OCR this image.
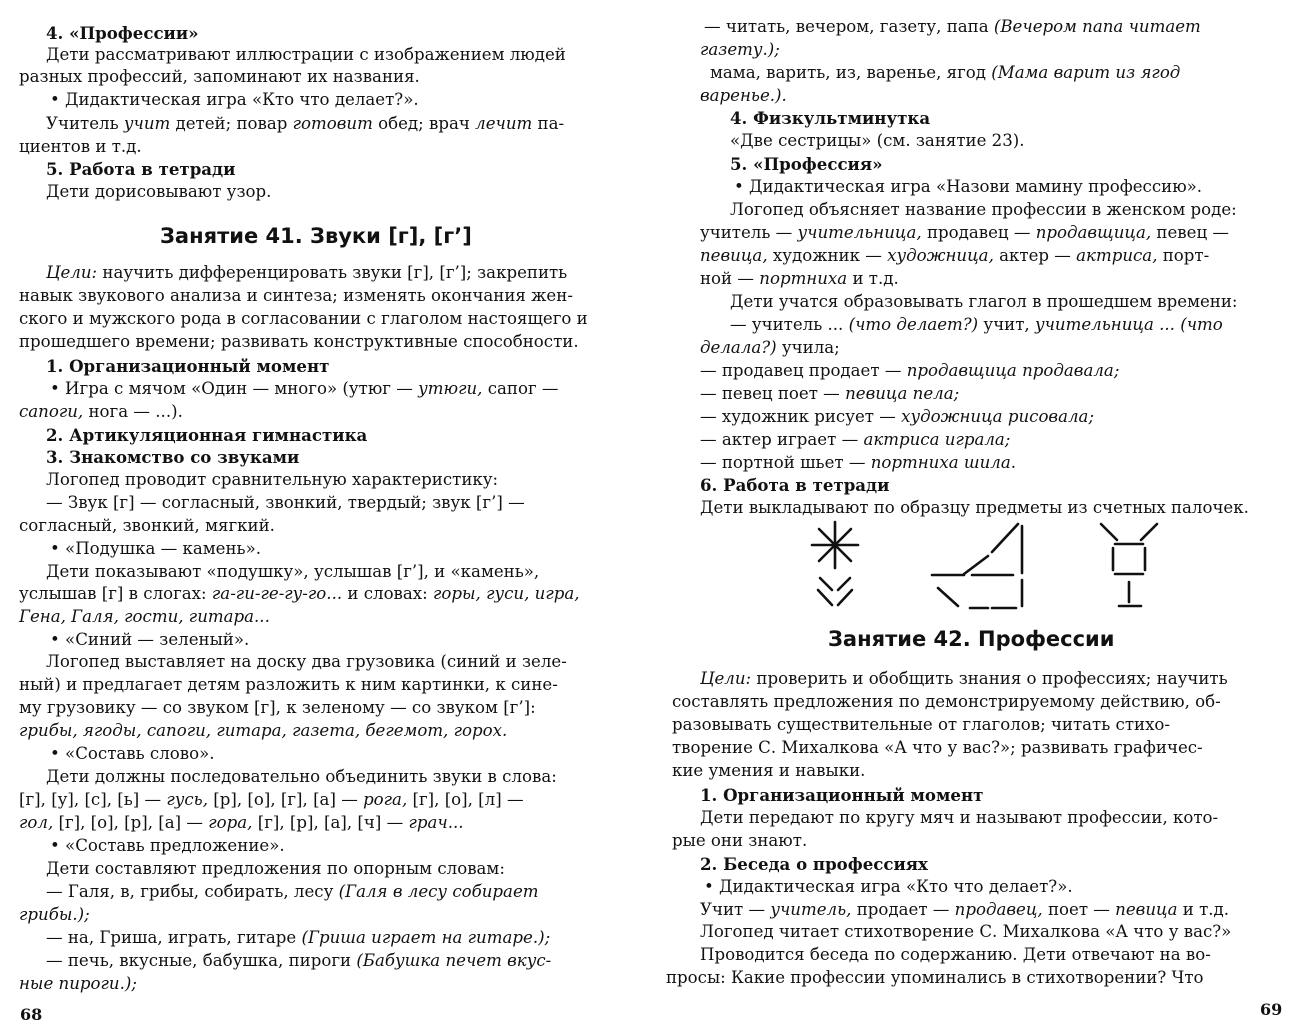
Занятие 41. Звуки [г], [г’]
4. «Профессии»
Дети рассматривают иллюстрации с изображением людей
разных профессий, запоминают их названия.
• Дидактическая игра «Кто что делает?».
Учитель учит детей; повар готовит обед; врач лечит па-
циентов и т.д.
5. Работа в тетради
Дети дорисовывают узор.
Цели: научить дифференцировать звуки [г], [г’]; закрепить
навык звукового анализа и синтеза; изменять окончания жен-
ского и мужского рода в согласовании с глаголом настоящего и
прошедшего времени; развивать конструктивные способности.
1. Организационный момент
• Игра с мячом «Один — много» (утюг — утюги, сапог —
сапоги, нога — ...).
2. Артикуляционная гимнастика
3. Знакомство со звуками
Логопед проводит сравнительную характеристику:
— Звук [г] — согласный, звонкий, твердый; звук [г’] —
согласный, звонкий, мягкий.
• «Подушка — камень».
Дети показывают «подушку», услышав [г’], и «камень»,
услышав [г] в слогах: га-ги-ге-гу-го... и словах: горы, гуси, игра,
Гена, Галя, гости, гитара...
• «Синий — зеленый».
Логопед выставляет на доску два грузовика (синий и зеле-
ный) и предлагает детям разложить к ним картинки, к сине-
му грузовику — со звуком [г], к зеленому — со звуком [г’]:
грибы, ягоды, сапоги, гитара, газета, бегемот, горох.
• «Составь слово».
Дети должны последовательно объединить звуки в слова:
[г], [у], [с], [ь] — гусь, [р], [о], [г], [а] — рога, [г], [о], [л] —
гол, [г], [о], [р], [а] — гора, [г], [р], [а], [ч] — грач...
• «Составь предложение».
Дети составляют предложения по опорным словам:
— Галя, в, грибы, собирать, лесу (Галя в лесу собирает
грибы.);
— на, Гриша, играть, гитаре (Гриша играет на гитаре.);
— печь, вкусные, бабушка, пироги (Бабушка печет вкус-
ные пироги.);
68
— читать, вечером, газету, папа (Вечером папа читает
газету.);
мама, варить, из, варенье, ягод (Мама варит из ягод
варенье.).
4. Физкультминутка
«Две сестрицы» (см. занятие 23).
5. «Профессия»
• Дидактическая игра «Назови мамину профессию».
Логопед объясняет название профессии в женском роде:
учитель — учительница, продавец — продавщица, певец —
певица, художник — художница, актер — актриса, порт-
ной — портниха и т.д.
Дети учатся образовывать глагол в прошедшем времени:
— учитель ... (что делает?) учит, учительница ... (что
делала?) учила;
— продавец продает — продавщица продавала;
— певец поет — певица пела;
— художник рисует — художница рисовала;
— актер играет — актриса играла;
— портной шьет — портниха шила.
6. Работа в тетради
Дети выкладывают по образцу предметы из счетных палочек.
Цели: проверить и обобщить знания о профессиях; научить
составлять предложения по демонстрируемому действию, об-
разовывать существительные от глаголов; читать стихо-
творение С. Михалкова «А что у вас?»; развивать графичес-
кие умения и навыки.
1. Организационный момент
Дети передают по кругу мяч и называют профессии, кото-
рые они знают.
2. Беседа о профессиях
• Дидактическая игра «Кто что делает?».
Учит — учитель, продает — продавец, поет — певица и т.д.
Логопед читает стихотворение С. Михалкова «А что у вас?»
Проводится беседа по содержанию. Дети отвечают на во-
просы: Какие профессии упоминались в стихотворении? Что
Занятие 42. Профессии
69
